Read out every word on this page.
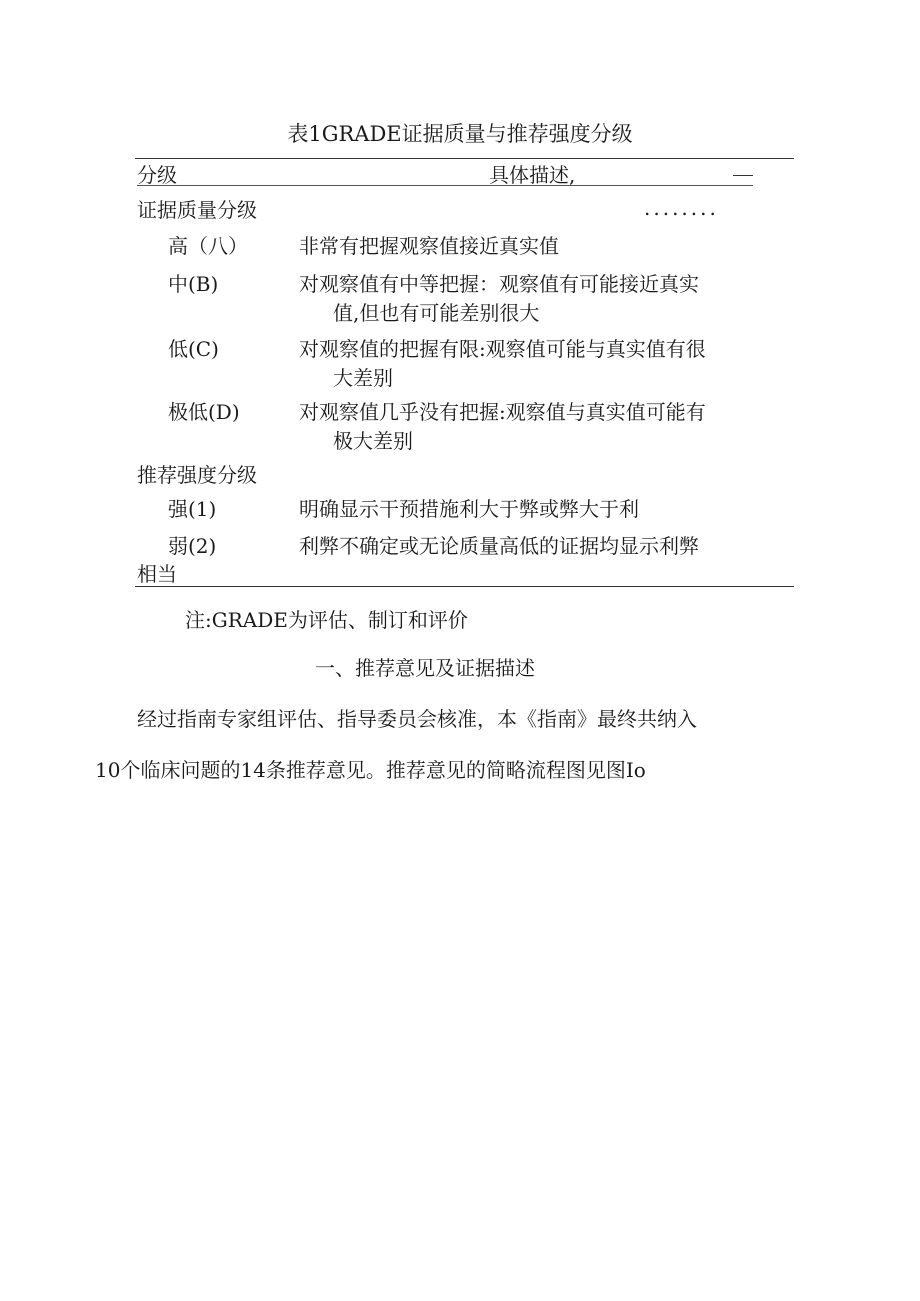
表1GRADE证据质量与推荐强度分级
分级	具体描述,
证据质量分级	........
高（八）	非常有把握观察值接近真实值
中(B)	对观察值有中等把握：观察值有可能接近真实
值,但也有可能差别很大
低(C)	对观察值的把握有限:观察值可能与真实值有很
大差别
极低(D)	对观察值几乎没有把握:观察值与真实值可能有
极大差别
推荐强度分级
强(1)	明确显示干预措施利大于弊或弊大于利
弱(2)	利弊不确定或无论质量高低的证据均显示利弊
相当
注:GRADE为评估、制订和评价
一、推荐意见及证据描述
经过指南专家组评估、指导委员会核准，本《指南》最终共纳入
10个临床问题的14条推荐意见。推荐意见的简略流程图见图Io
